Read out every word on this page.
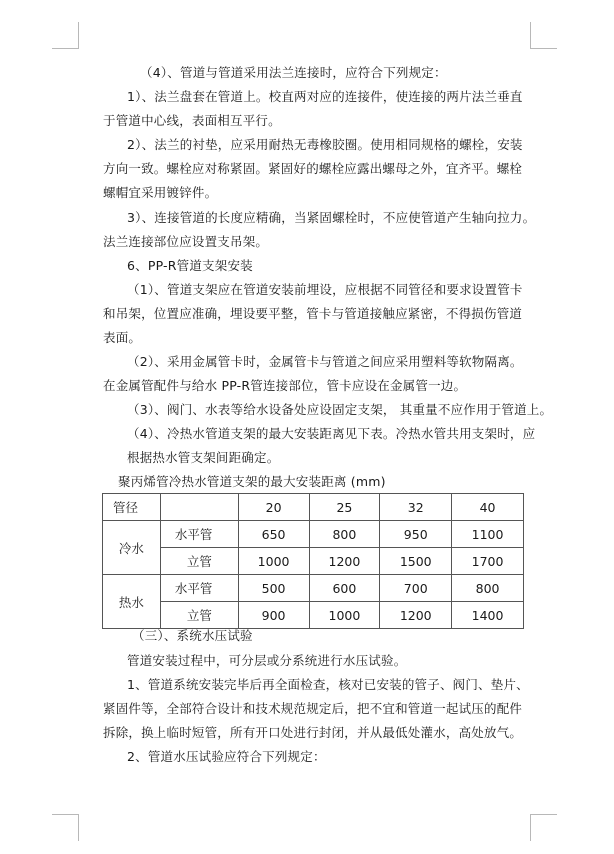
（4）、管道与管道采用法兰连接时，应符合下列规定：
1）、法兰盘套在管道上。校直两对应的连接件，使连接的两片法兰垂直
于管道中心线，表面相互平行。
2）、法兰的衬垫，应采用耐热无毒橡胶圈。使用相同规格的螺栓，安装
方向一致。螺栓应对称紧固。紧固好的螺栓应露出螺母之外，宜齐平。螺栓
螺帽宜采用镀锌件。
3）、连接管道的长度应精确，当紧固螺栓时，不应使管道产生轴向拉力。
法兰连接部位应设置支吊架。
6、PP-R管道支架安装
（1）、管道支架应在管道安装前埋设，应根据不同管径和要求设置管卡
和吊架，位置应准确，埋设要平整，管卡与管道接触应紧密，不得损伤管道
表面。
（2）、采用金属管卡时，金属管卡与管道之间应采用塑料等软物隔离。
在金属管配件与给水 PP-R管连接部位，管卡应设在金属管一边。
（3）、阀门、水表等给水设备处应设固定支架， 其重量不应作用于管道上。
（4）、冷热水管道支架的最大安装距离见下表。冷热水管共用支架时，应
根据热水管支架间距确定。
聚丙烯管冷热水管道支架的最大安装距离 (mm)
管径		20	25	32	40
冷水	水平管	650	800	950	1100
	立管	1000	1200	1500	1700
热水	水平管	500	600	700	800
	立管	900	1000	1200	1400
（三）、系统水压试验
管道安装过程中，可分层或分系统进行水压试验。
1、管道系统安装完毕后再全面检查，核对已安装的管子、阀门、垫片、
紧固件等，全部符合设计和技术规范规定后，把不宜和管道一起试压的配件
拆除，换上临时短管，所有开口处进行封闭，并从最低处灌水，高处放气。
2、管道水压试验应符合下列规定：
